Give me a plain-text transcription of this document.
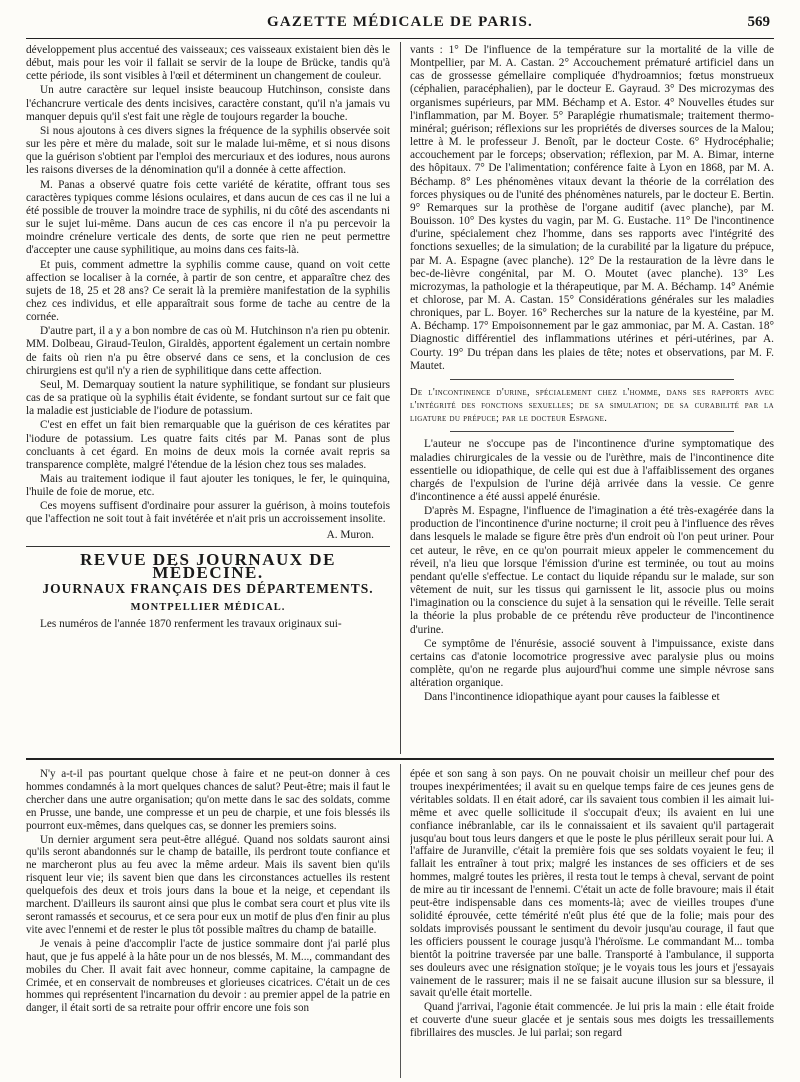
GAZETTE MÉDICALE DE PARIS.	569

développement plus accentué des vaisseaux; ces vaisseaux existaient bien dès le début, mais pour les voir il fallait se servir de la loupe de Brücke, tandis qu'à cette période, ils sont visibles à l'œil et déterminent un changement de couleur.

Un autre caractère sur lequel insiste beaucoup Hutchinson, consiste dans l'échancrure verticale des dents incisives, caractère constant, qu'il n'a jamais vu manquer depuis qu'il s'est fait une règle de toujours regarder la bouche.

Si nous ajoutons à ces divers signes la fréquence de la syphilis observée soit sur les père et mère du malade, soit sur le malade lui-même, et si nous disons que la guérison s'obtient par l'emploi des mercuriaux et des iodures, nous aurons les raisons diverses de la dénomination qu'il a donnée à cette affection.

M. Panas a observé quatre fois cette variété de kératite, offrant tous ses caractères typiques comme lésions oculaires, et dans aucun de ces cas il ne lui a été possible de trouver la moindre trace de syphilis, ni du côté des ascendants ni sur le sujet lui-même. Dans aucun de ces cas encore il n'a pu percevoir la moindre crénelure verticale des dents, de sorte que rien ne peut permettre d'accepter une cause syphilitique, au moins dans ces faits-là.

Et puis, comment admettre la syphilis comme cause, quand on voit cette affection se localiser à la cornée, à partir de son centre, et apparaître chez des sujets de 18, 25 et 28 ans? Ce serait là la première manifestation de la syphilis chez ces individus, et elle apparaîtrait sous forme de tache au centre de la cornée.

D'autre part, il a y a bon nombre de cas où M. Hutchinson n'a rien pu obtenir. MM. Dolbeau, Giraud-Teulon, Giraldès, apportent également un certain nombre de faits où rien n'a pu être observé dans ce sens, et la conclusion de ces chirurgiens est qu'il n'y a rien de syphilitique dans cette affection.

Seul, M. Demarquay soutient la nature syphilitique, se fondant sur plusieurs cas de sa pratique où la syphilis était évidente, se fondant surtout sur ce fait que la maladie est justiciable de l'iodure de potassium.

C'est en effet un fait bien remarquable que la guérison de ces kératites par l'iodure de potassium. Les quatre faits cités par M. Panas sont de plus concluants à cet égard. En moins de deux mois la cornée avait repris sa transparence complète, malgré l'étendue de la lésion chez tous ses malades.

Mais au traitement iodique il faut ajouter les toniques, le fer, le quinquina, l'huile de foie de morue, etc.

Ces moyens suffisent d'ordinaire pour assurer la guérison, à moins toutefois que l'affection ne soit tout à fait invétérée et n'ait pris un accroissement insolite.

A. Muron.
REVUE DES JOURNAUX DE MÉDECINE.
JOURNAUX FRANÇAIS DES DÉPARTEMENTS.
MONTPELLIER MÉDICAL.

Les numéros de l'année 1870 renferment les travaux originaux sui-

vants : 1° De l'influence de la température sur la mortalité de la ville de Montpellier, par M. A. Castan. 2° Accouchement prématuré artificiel dans un cas de grossesse gémellaire compliquée d'hydroamnios; fœtus monstrueux (céphalien, paracéphalien), par le docteur E. Gayraud. 3° Des microzymas des organismes supérieurs, par MM. Béchamp et A. Estor. 4° Nouvelles études sur l'inflammation, par M. Boyer. 5° Paraplégie rhumatismale; traitement thermo-minéral; guérison; réflexions sur les propriétés de diverses sources de la Malou; lettre à M. le professeur J. Benoît, par le docteur Coste. 6° Hydrocéphalie; accouchement par le forceps; observation; réflexion, par M. A. Bimar, interne des hôpitaux. 7° De l'alimentation; conférence faite à Lyon en 1868, par M. A. Béchamp. 8° Les phénomènes vitaux devant la théorie de la corrélation des forces physiques ou de l'unité des phénomènes naturels, par le docteur E. Bertin. 9° Remarques sur la prothèse de l'organe auditif (avec planche), par M. Bouisson. 10° Des kystes du vagin, par M. G. Eustache. 11° De l'incontinence d'urine, spécialement chez l'homme, dans ses rapports avec l'intégrité des fonctions sexuelles; de la simulation; de la curabilité par la ligature du prépuce, par M. A. Espagne (avec planche). 12° De la restauration de la lèvre dans le bec-de-lièvre congénital, par M. O. Moutet (avec planche). 13° Les microzymas, la pathologie et la thérapeutique, par M. A. Béchamp. 14° Anémie et chlorose, par M. A. Castan. 15° Considérations générales sur les maladies chroniques, par L. Boyer. 16° Recherches sur la nature de la kyestéine, par M. A. Béchamp. 17° Empoisonnement par le gaz ammoniac, par M. A. Castan. 18° Diagnostic différentiel des inflammations utérines et péri-utérines, par A. Courty. 19° Du trépan dans les plaies de tête; notes et observations, par M. F. Mautet.

De l'incontinence d'urine, spécialement chez l'homme, dans ses rapports avec l'intégrité des fonctions sexuelles; de sa simulation; de sa curabilité par la ligature du prépuce; par le docteur Espagne.

L'auteur ne s'occupe pas de l'incontinence d'urine symptomatique des maladies chirurgicales de la vessie ou de l'urèthre, mais de l'incontinence dite essentielle ou idiopathique, de celle qui est due à l'affaiblissement des organes chargés de l'expulsion de l'urine déjà arrivée dans la vessie. Ce genre d'incontinence a été aussi appelé énurésie.

D'après M. Espagne, l'influence de l'imagination a été très-exagérée dans la production de l'incontinence d'urine nocturne; il croit peu à l'influence des rêves dans lesquels le malade se figure être près d'un endroit où l'on peut uriner. Pour cet auteur, le rêve, en ce qu'on pourrait mieux appeler le commencement du réveil, n'a lieu que lorsque l'émission d'urine est terminée, ou tout au moins pendant qu'elle s'effectue. Le contact du liquide répandu sur le malade, sur son vêtement de nuit, sur les tissus qui garnissent le lit, associe plus ou moins l'imagination ou la conscience du sujet à la sensation qui le réveille. Telle serait la théorie la plus probable de ce prétendu rêve producteur de l'incontinence d'urine.

Ce symptôme de l'énurésie, associé souvent à l'impuissance, existe dans certains cas d'atonie locomotrice progressive avec paralysie plus ou moins complète, qu'on ne regarde plus aujourd'hui comme une simple névrose sans altération organique.

Dans l'incontinence idiopathique ayant pour causes la faiblesse et

N'y a-t-il pas pourtant quelque chose à faire et ne peut-on donner à ces hommes condamnés à la mort quelques chances de salut? Peut-être; mais il faut le chercher dans une autre organisation; qu'on mette dans le sac des soldats, comme en Prusse, une bande, une compresse et un peu de charpie, et une fois blessés ils pourront eux-mêmes, dans quelques cas, se donner les premiers soins.

Un dernier argument sera peut-être allégué. Quand nos soldats sauront ainsi qu'ils seront abandonnés sur le champ de bataille, ils perdront toute confiance et ne marcheront plus au feu avec la même ardeur. Mais ils savent bien qu'ils risquent leur vie; ils savent bien que dans les circonstances actuelles ils restent quelquefois des deux et trois jours dans la boue et la neige, et cependant ils marchent. D'ailleurs ils sauront ainsi que plus le combat sera court et plus vite ils seront ramassés et secourus, et ce sera pour eux un motif de plus d'en finir au plus vite avec l'ennemi et de rester le plus tôt possible maîtres du champ de bataille.

Je venais à peine d'accomplir l'acte de justice sommaire dont j'ai parlé plus haut, que je fus appelé à la hâte pour un de nos blessés, M. M..., commandant des mobiles du Cher. Il avait fait avec honneur, comme capitaine, la campagne de Crimée, et en conservait de nombreuses et glorieuses cicatrices. C'était un de ces hommes qui représentent l'incarnation du devoir : au premier appel de la patrie en danger, il était sorti de sa retraite pour offrir encore une fois son

épée et son sang à son pays. On ne pouvait choisir un meilleur chef pour des troupes inexpérimentées; il avait su en quelque temps faire de ces jeunes gens de véritables soldats. Il en était adoré, car ils savaient tous combien il les aimait lui-même et avec quelle sollicitude il s'occupait d'eux; ils avaient en lui une confiance inébranlable, car ils le connaissaient et ils savaient qu'il partagerait jusqu'au bout tous leurs dangers et que le poste le plus périlleux serait pour lui. A l'affaire de Juranville, c'était la première fois que ses soldats voyaient le feu; il fallait les entraîner à tout prix; malgré les instances de ses officiers et de ses hommes, malgré toutes les prières, il resta tout le temps à cheval, servant de point de mire au tir incessant de l'ennemi. C'était un acte de folle bravoure; mais il était peut-être indispensable dans ces moments-là; avec de vieilles troupes d'une solidité éprouvée, cette témérité n'eût plus été que de la folie; mais pour des soldats improvisés poussant le sentiment du devoir jusqu'au courage, il faut que les officiers poussent le courage jusqu'à l'héroïsme. Le commandant M... tomba bientôt la poitrine traversée par une balle. Transporté à l'ambulance, il supporta ses douleurs avec une résignation stoïque; je le voyais tous les jours et j'essayais vainement de le rassurer; mais il ne se faisait aucune illusion sur sa blessure, il savait qu'elle était mortelle.

Quand j'arrivai, l'agonie était commencée. Je lui pris la main : elle était froide et couverte d'une sueur glacée et je sentais sous mes doigts les tressaillements fibrillaires des muscles. Je lui parlai; son regard
